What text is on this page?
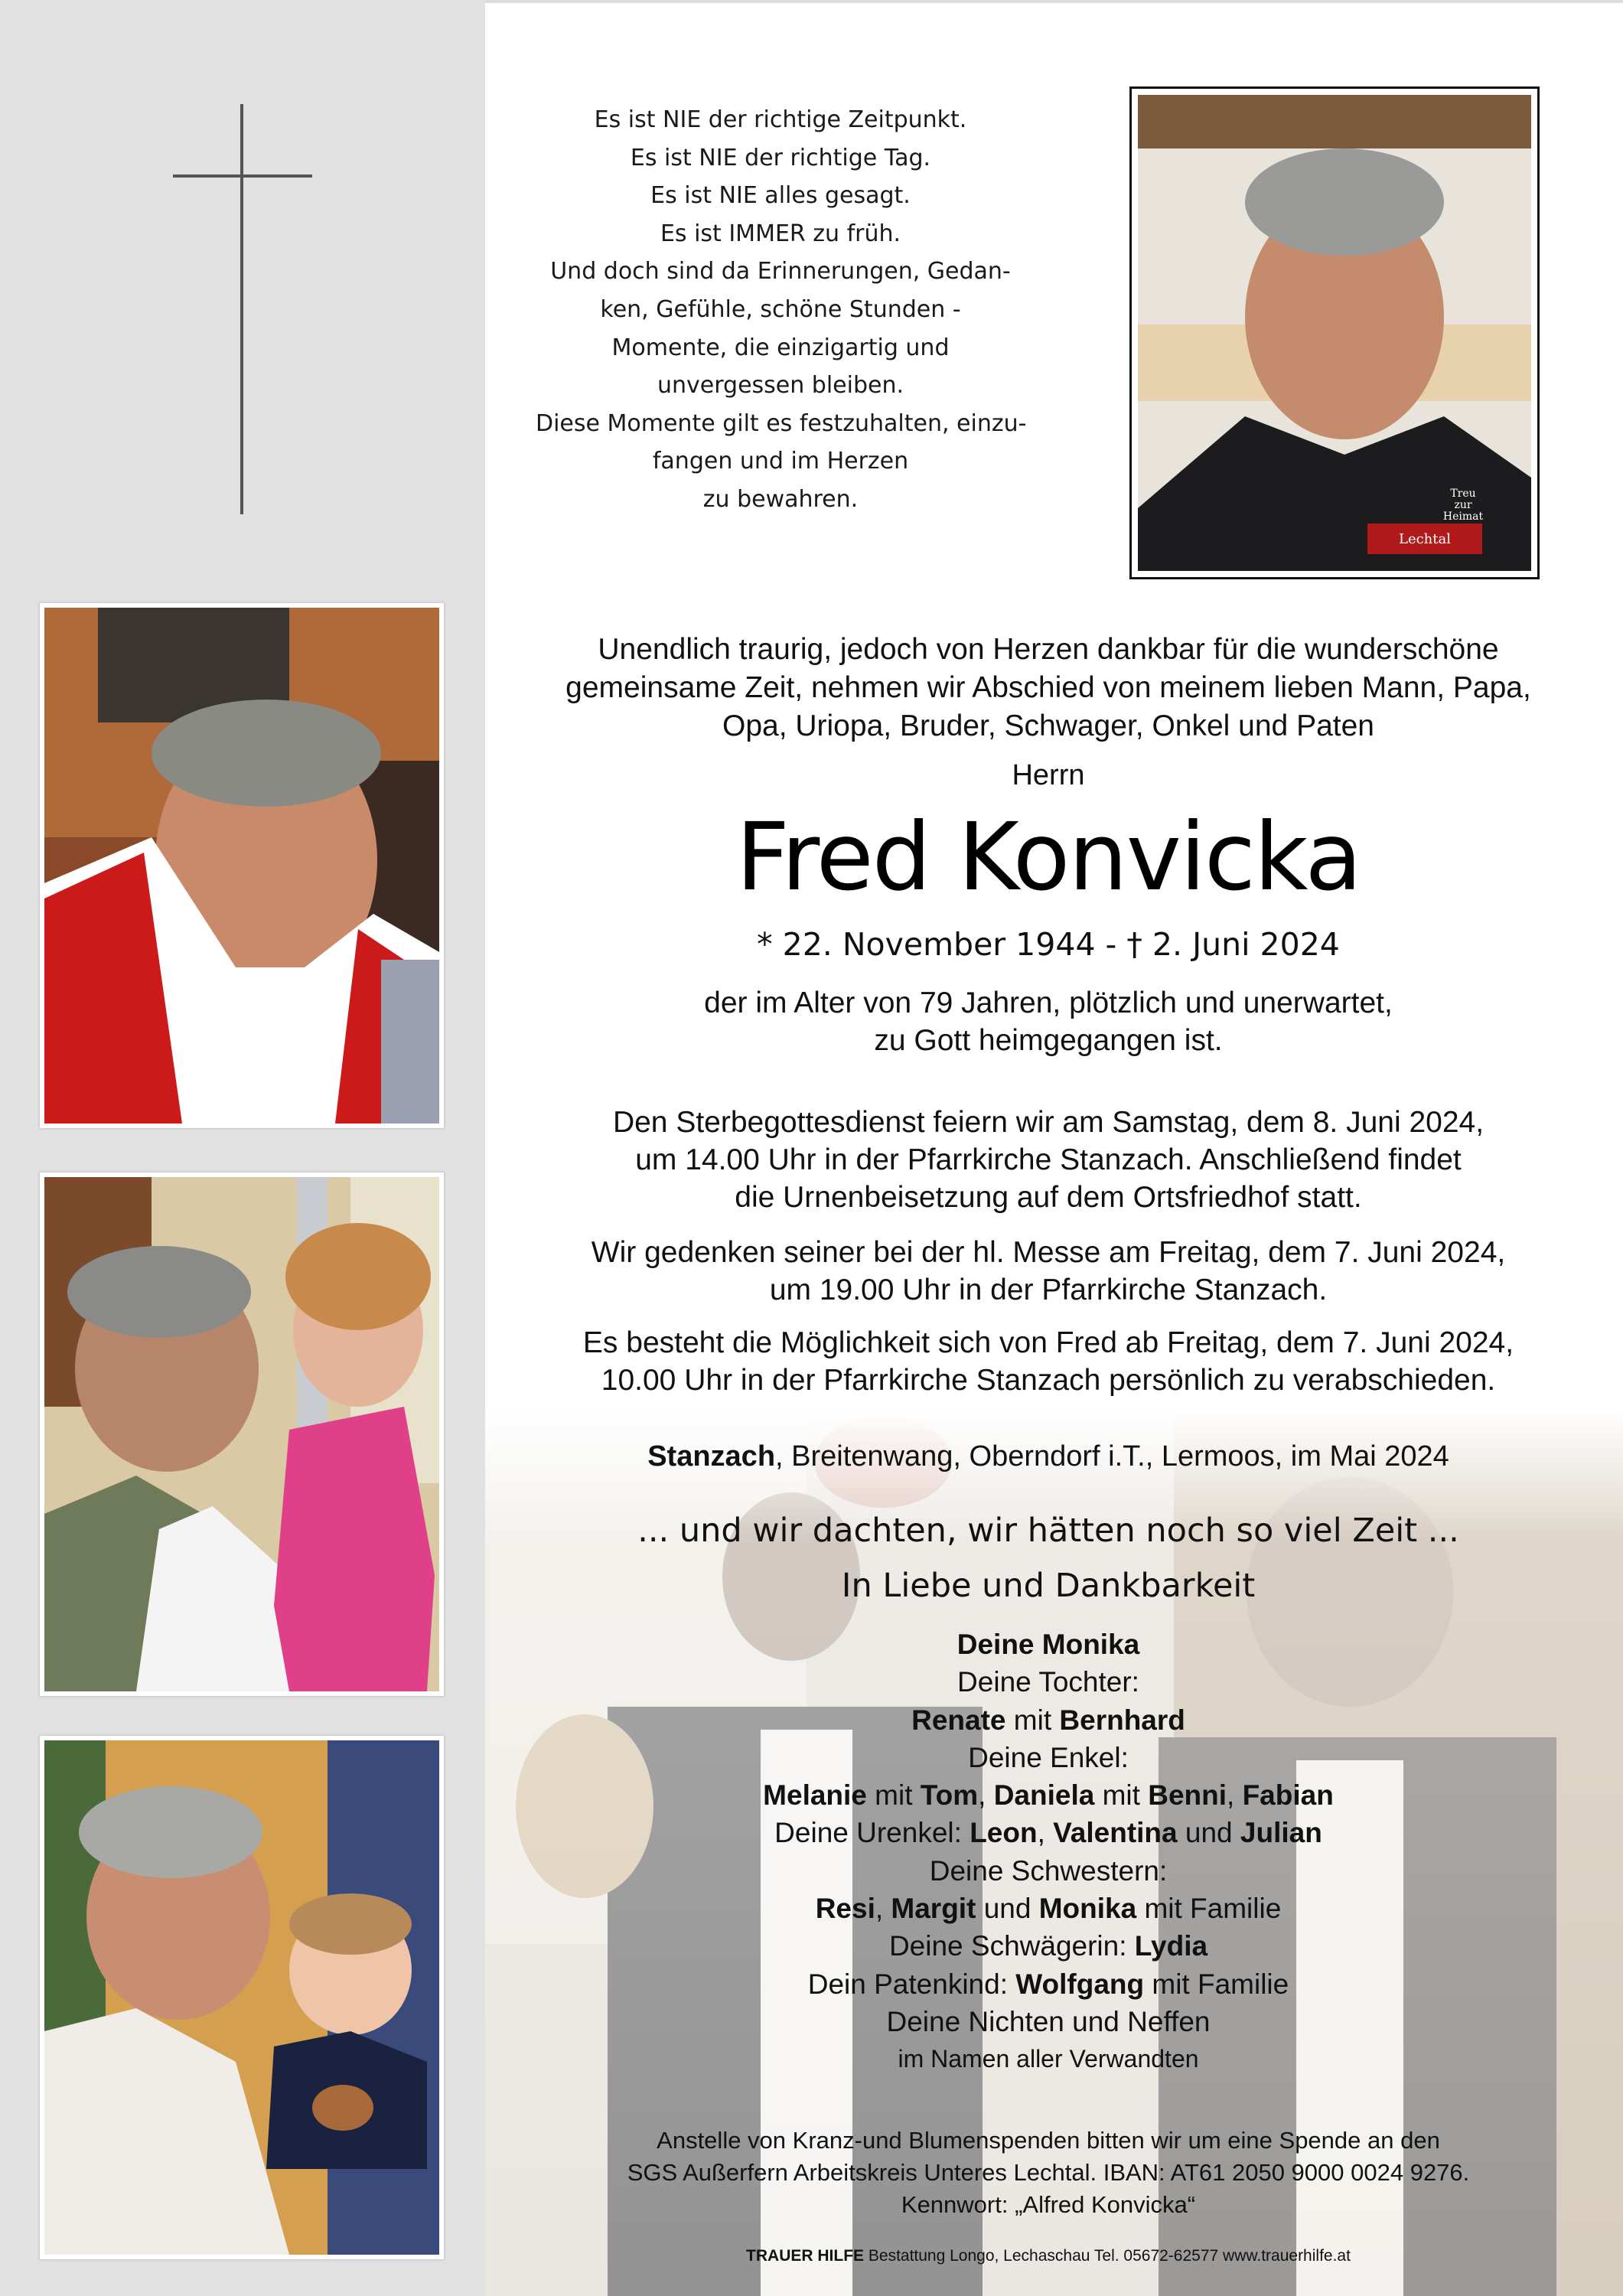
Lechtal
Treu
zur
Heimat
Es ist NIE der richtige Zeitpunkt.
Es ist NIE der richtige Tag.
Es ist NIE alles gesagt.
Es ist IMMER zu früh.
Und doch sind da Erinnerungen, Gedan-
ken, Gefühle, schöne Stunden -
Momente, die einzigartig und
unvergessen bleiben.
Diese Momente gilt es festzuhalten, einzu-
fangen und im Herzen
zu bewahren.
Unendlich traurig, jedoch von Herzen dankbar für die wunderschöne
gemeinsame Zeit, nehmen wir Abschied von meinem lieben Mann, Papa,
Opa, Uriopa, Bruder, Schwager, Onkel und Paten
Herrn
Fred Konvicka
* 22. November 1944 - † 2. Juni 2024
der im Alter von 79 Jahren, plötzlich und unerwartet,
zu Gott heimgegangen ist.
Den Sterbegottesdienst feiern wir am Samstag, dem 8. Juni 2024,
um 14.00 Uhr in der Pfarrkirche Stanzach. Anschließend findet
die Urnenbeisetzung auf dem Ortsfriedhof statt.
Wir gedenken seiner bei der hl. Messe am Freitag, dem 7. Juni 2024,
um 19.00 Uhr in der Pfarrkirche Stanzach.
Es besteht die Möglichkeit sich von Fred ab Freitag, dem 7. Juni 2024,
10.00 Uhr in der Pfarrkirche Stanzach persönlich zu verabschieden.
Stanzach, Breitenwang, Oberndorf i.T., Lermoos, im Mai 2024
... und wir dachten, wir hätten noch so viel Zeit ...
In Liebe und Dankbarkeit
Deine Monika
Deine Tochter:
Renate mit Bernhard
Deine Enkel:
Melanie mit Tom, Daniela mit Benni, Fabian
Deine Urenkel: Leon, Valentina und Julian
Deine Schwestern:
Resi, Margit und Monika mit Familie
Deine Schwägerin: Lydia
Dein Patenkind: Wolfgang mit Familie
Deine Nichten und Neffen
im Namen aller Verwandten
Anstelle von Kranz-und Blumenspenden bitten wir um eine Spende an den
SGS Außerfern Arbeitskreis Unteres Lechtal. IBAN: AT61 2050 9000 0024 9276.
Kennwort: „Alfred Konvicka“
TRAUER HILFE Bestattung Longo, Lechaschau Tel. 05672-62577 www.trauerhilfe.at
